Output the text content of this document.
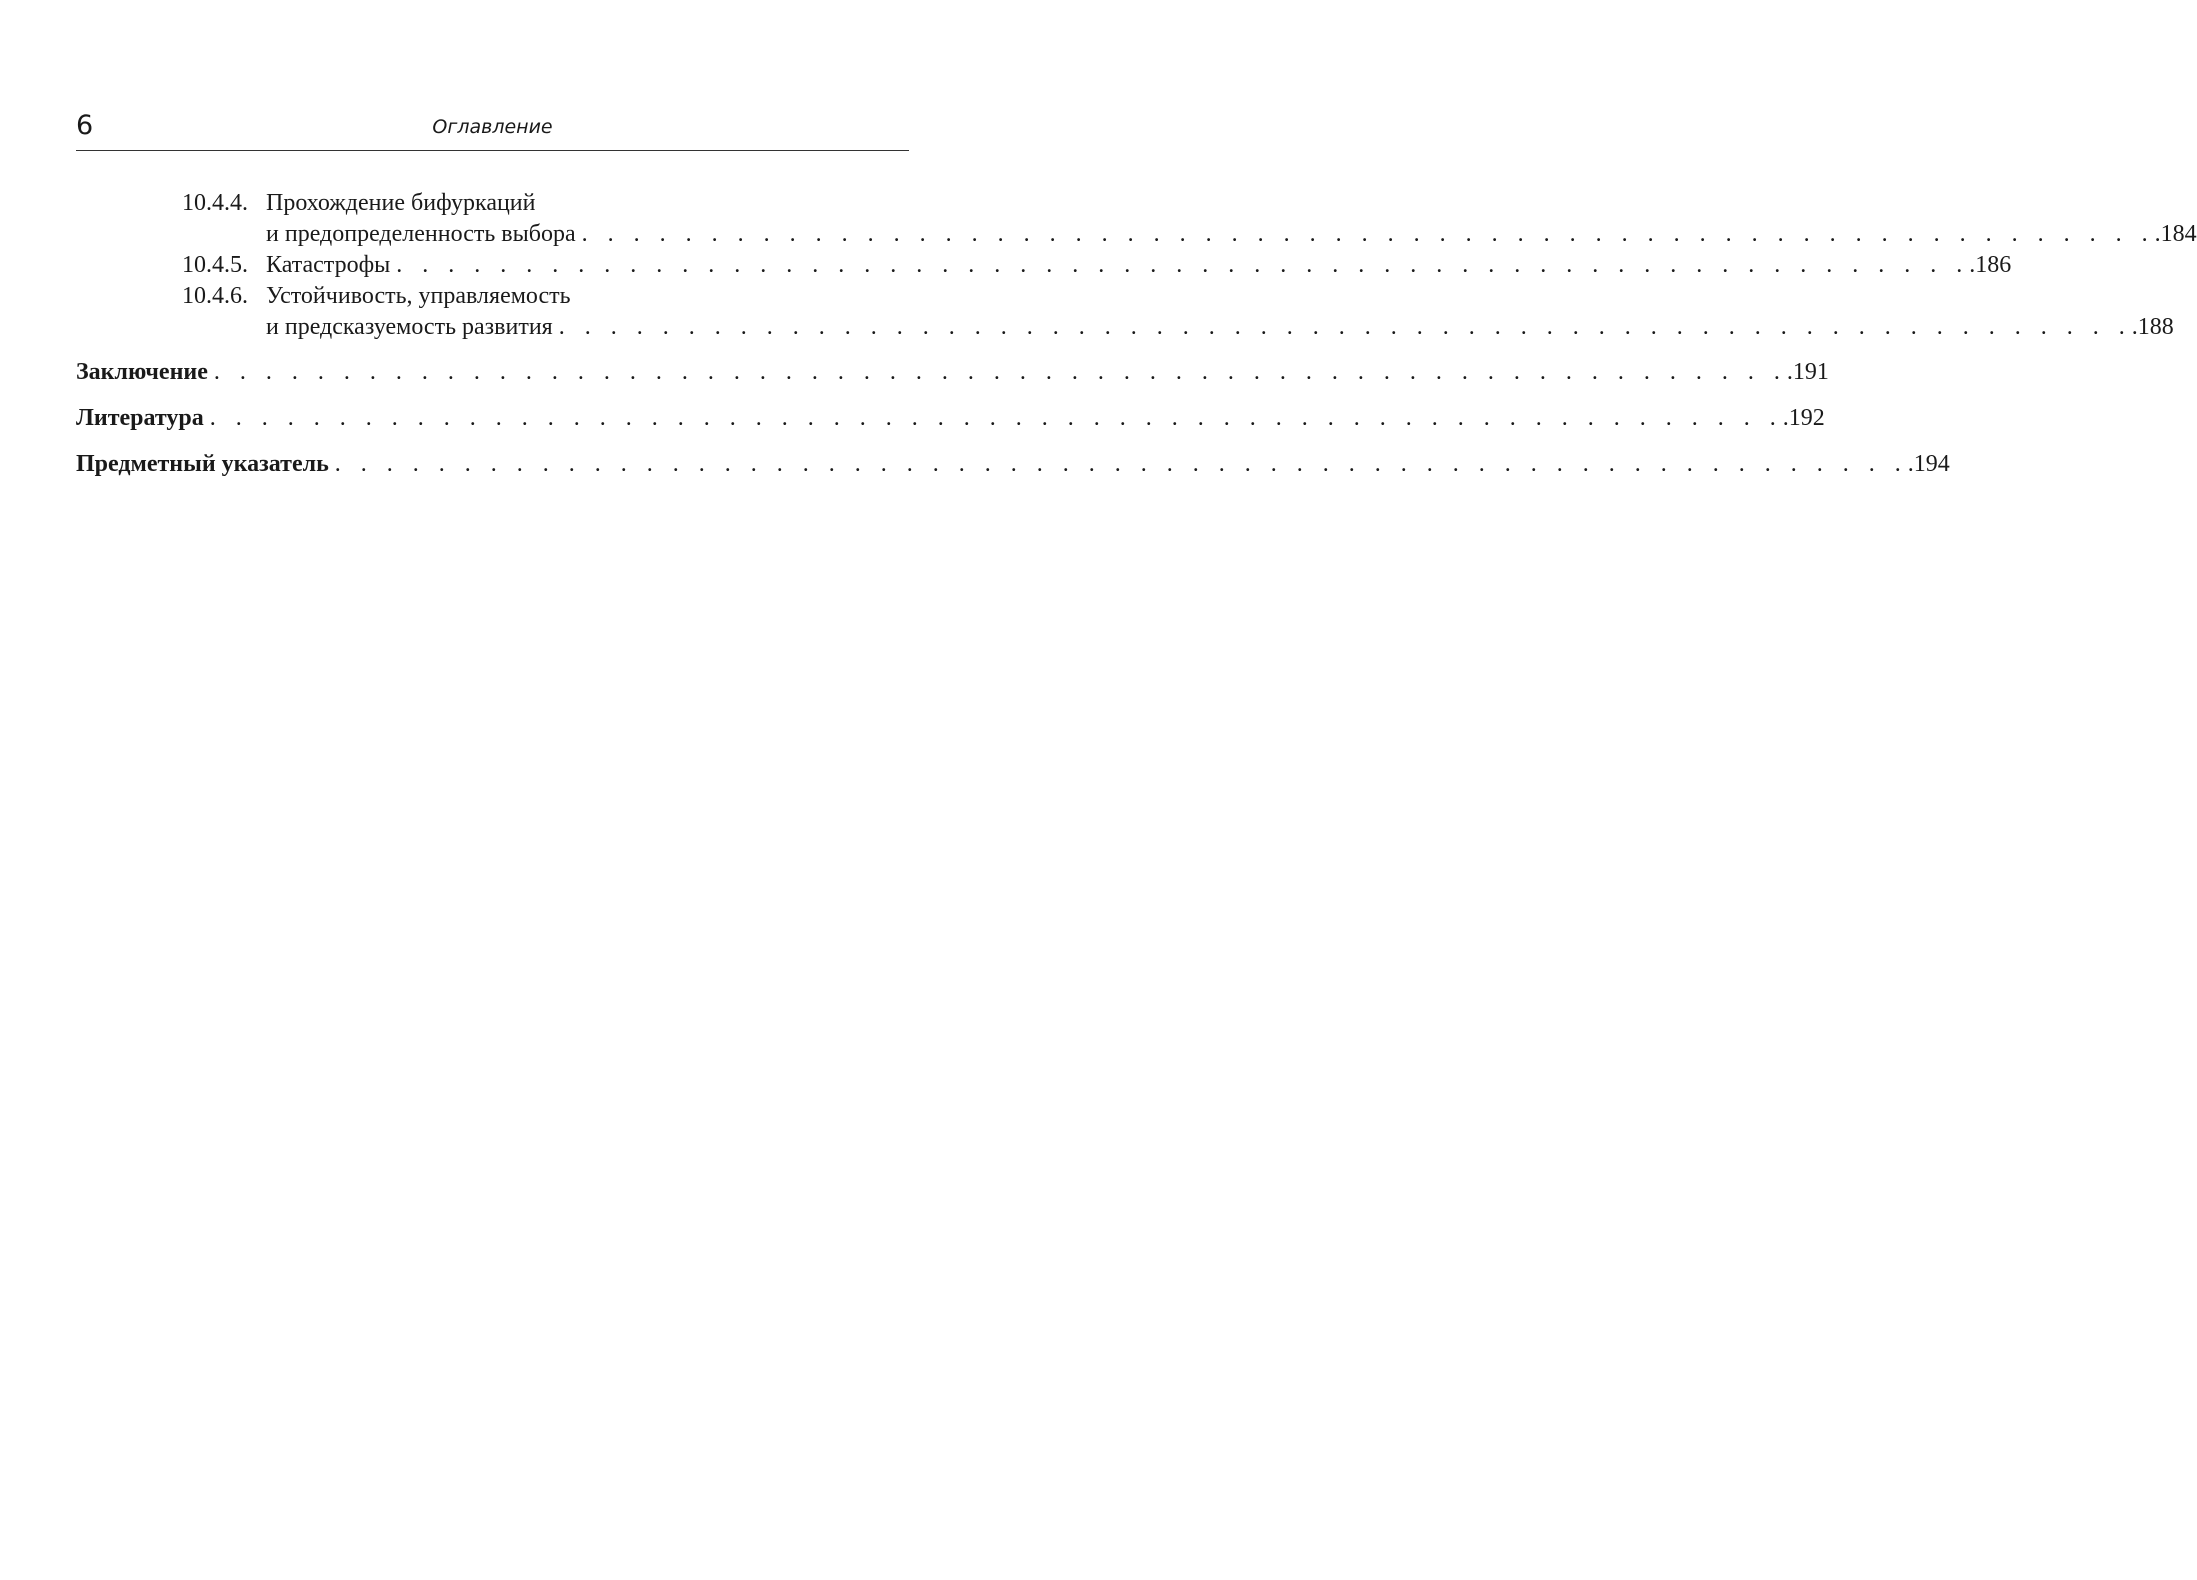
6	Оглавление
10.4.4. Прохождение бифуркаций
и предопределенность выбора . . . . . . . . . . . . . . . . . . . . . . . . . . . . . . . . . . . . . . . . . . . . . . . . . . . . . . . . . . . . . .184
10.4.5. Катастрофы . . . . . . . . . . . . . . . . . . . . . . . . . . . . . . . . . . . . . . . . . . . . . . . . . . . . . . . . . . . . . .186
10.4.6. Устойчивость, управляемость
и предсказуемость развития . . . . . . . . . . . . . . . . . . . . . . . . . . . . . . . . . . . . . . . . . . . . . . . . . . . . . . . . . . . . . .188
Заключение . . . . . . . . . . . . . . . . . . . . . . . . . . . . . . . . . . . . . . . . . . . . . . . . . . . . . . . . . . . . . .191
Литература . . . . . . . . . . . . . . . . . . . . . . . . . . . . . . . . . . . . . . . . . . . . . . . . . . . . . . . . . . . . . .192
Предметный указатель . . . . . . . . . . . . . . . . . . . . . . . . . . . . . . . . . . . . . . . . . . . . . . . . . . . . . . . . . . . . . .194
